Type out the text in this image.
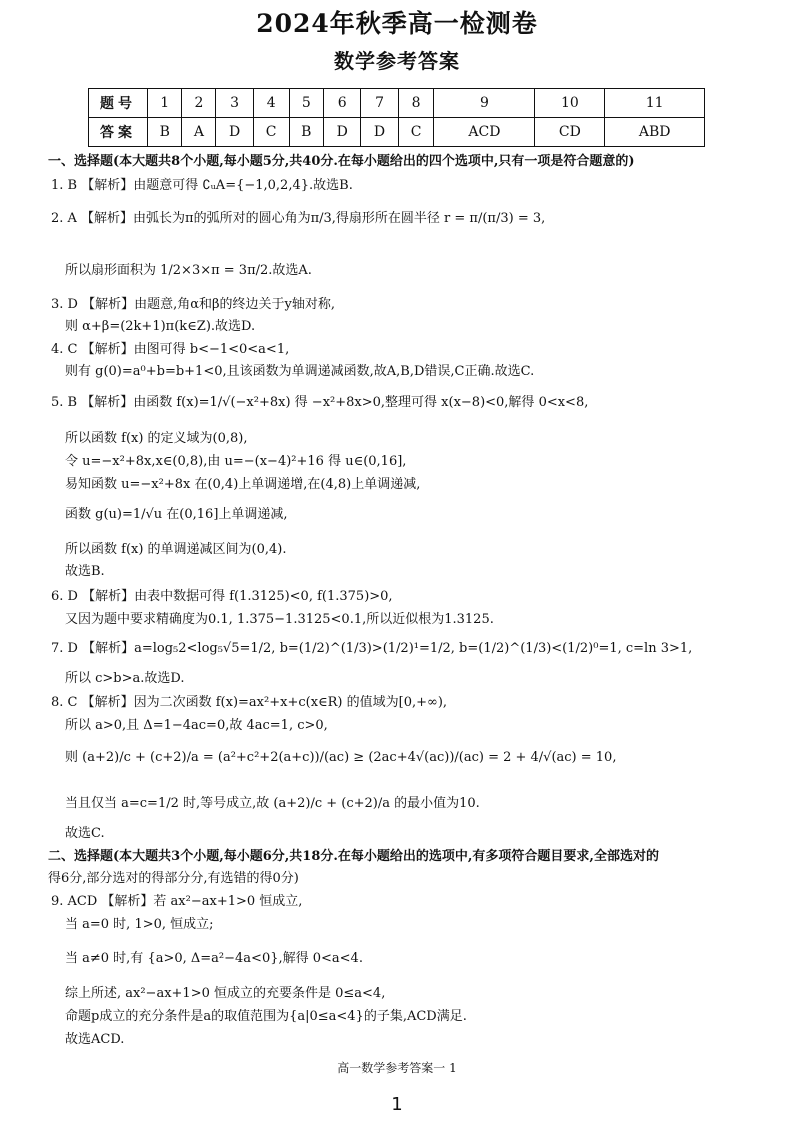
2024年秋季高一检测卷
数学参考答案
题号	1	2	3	4	5	6	7	8	9	10	11
答案	B	A	D	C	B	D	D	C	ACD	CD	ABD
一、选择题(本大题共8个小题,每小题5分,共40分.在每小题给出的四个选项中,只有一项是符合题意的)
1. B 【解析】由题意可得 ∁ᵤA={−1,0,2,4}.故选B.
2. A 【解析】由弧长为π的弧所对的圆心角为π/3,得扇形所在圆半径 r = π/(π/3) = 3,
所以扇形面积为 1/2×3×π = 3π/2.故选A.
3. D 【解析】由题意,角α和β的终边关于y轴对称,
则 α+β=(2k+1)π(k∈Z).故选D.
4. C 【解析】由图可得 b<−1<0<a<1,
则有 g(0)=a⁰+b=b+1<0,且该函数为单调递减函数,故A,B,D错误,C正确.故选C.
5. B 【解析】由函数 f(x)=1/√(−x²+8x) 得 −x²+8x>0,整理可得 x(x−8)<0,解得 0<x<8,
所以函数 f(x) 的定义域为(0,8),
令 u=−x²+8x,x∈(0,8),由 u=−(x−4)²+16 得 u∈(0,16],
易知函数 u=−x²+8x 在(0,4)上单调递增,在(4,8)上单调递减,
函数 g(u)=1/√u 在(0,16]上单调递减,
所以函数 f(x) 的单调递减区间为(0,4).
故选B.
6. D 【解析】由表中数据可得 f(1.3125)<0, f(1.375)>0,
又因为题中要求精确度为0.1, 1.375−1.3125<0.1,所以近似根为1.3125.
7. D 【解析】a=log₅2<log₅√5=1/2, b=(1/2)^(1/3)>(1/2)¹=1/2, b=(1/2)^(1/3)<(1/2)⁰=1, c=ln 3>1,
所以 c>b>a.故选D.
8. C 【解析】因为二次函数 f(x)=ax²+x+c(x∈R) 的值域为[0,+∞),
所以 a>0,且 Δ=1−4ac=0,故 4ac=1, c>0,
则 (a+2)/c + (c+2)/a = (a²+c²+2(a+c))/(ac) ≥ (2ac+4√(ac))/(ac) = 2 + 4/√(ac) = 10,
当且仅当 a=c=1/2 时,等号成立,故 (a+2)/c + (c+2)/a 的最小值为10.
故选C.
二、选择题(本大题共3个小题,每小题6分,共18分.在每小题给出的选项中,有多项符合题目要求,全部选对的
得6分,部分选对的得部分分,有选错的得0分)
9. ACD 【解析】若 ax²−ax+1>0 恒成立,
当 a=0 时, 1>0, 恒成立;
当 a≠0 时,有 {a>0, Δ=a²−4a<0},解得 0<a<4.
综上所述, ax²−ax+1>0 恒成立的充要条件是 0≤a<4,
命题p成立的充分条件是a的取值范围为{a|0≤a<4}的子集,ACD满足.
故选ACD.
高一数学参考答案一 1
1
